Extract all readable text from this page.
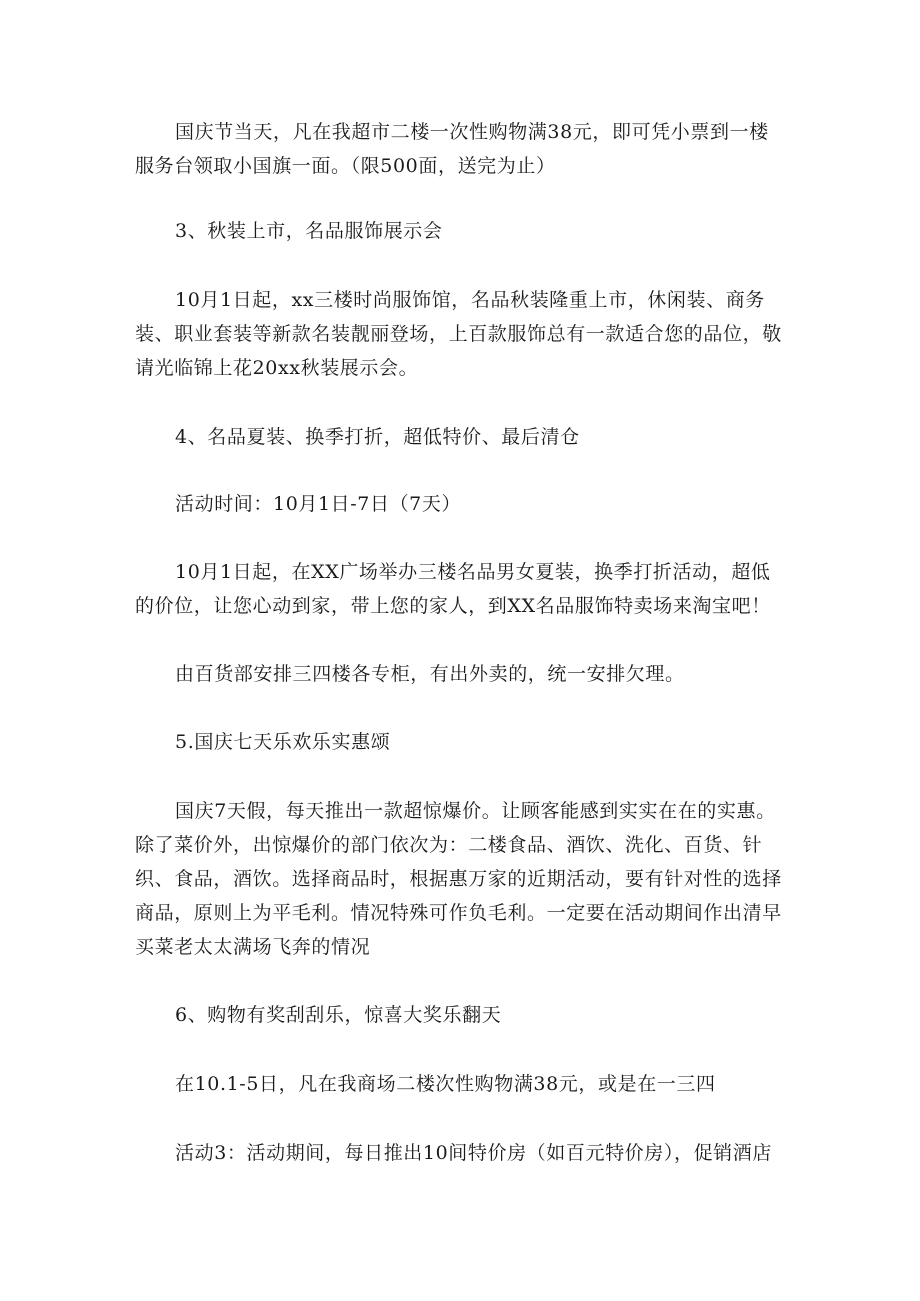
国庆节当天，凡在我超市二楼一次性购物满38元，即可凭小票到一楼服务台领取小国旗一面。（限500面，送完为止）

3、秋装上市，名品服饰展示会

10月1日起，xx三楼时尚服饰馆，名品秋装隆重上市，休闲装、商务装、职业套装等新款名装靓丽登场，上百款服饰总有一款适合您的品位，敬请光临锦上花20xx秋装展示会。

4、名品夏装、换季打折，超低特价、最后清仓

活动时间：10月1日-7日（7天）

10月1日起，在XX广场举办三楼名品男女夏装，换季打折活动，超低的价位，让您心动到家，带上您的家人，到XX名品服饰特卖场来淘宝吧！

由百货部安排三四楼各专柜，有出外卖的，统一安排欠理。

5.国庆七天乐欢乐实惠颂

国庆7天假，每天推出一款超惊爆价。让顾客能感到实实在在的实惠。除了菜价外，出惊爆价的部门依次为：二楼食品、酒饮、洗化、百货、针织、食品，酒饮。选择商品时，根据惠万家的近期活动，要有针对性的选择商品，原则上为平毛利。情况特殊可作负毛利。一定要在活动期间作出清早买菜老太太满场飞奔的情况

6、购物有奖刮刮乐，惊喜大奖乐翻天

在10.1-5日，凡在我商场二楼次性购物满38元，或是在一三四

活动3：活动期间，每日推出10间特价房（如百元特价房），促销酒店
